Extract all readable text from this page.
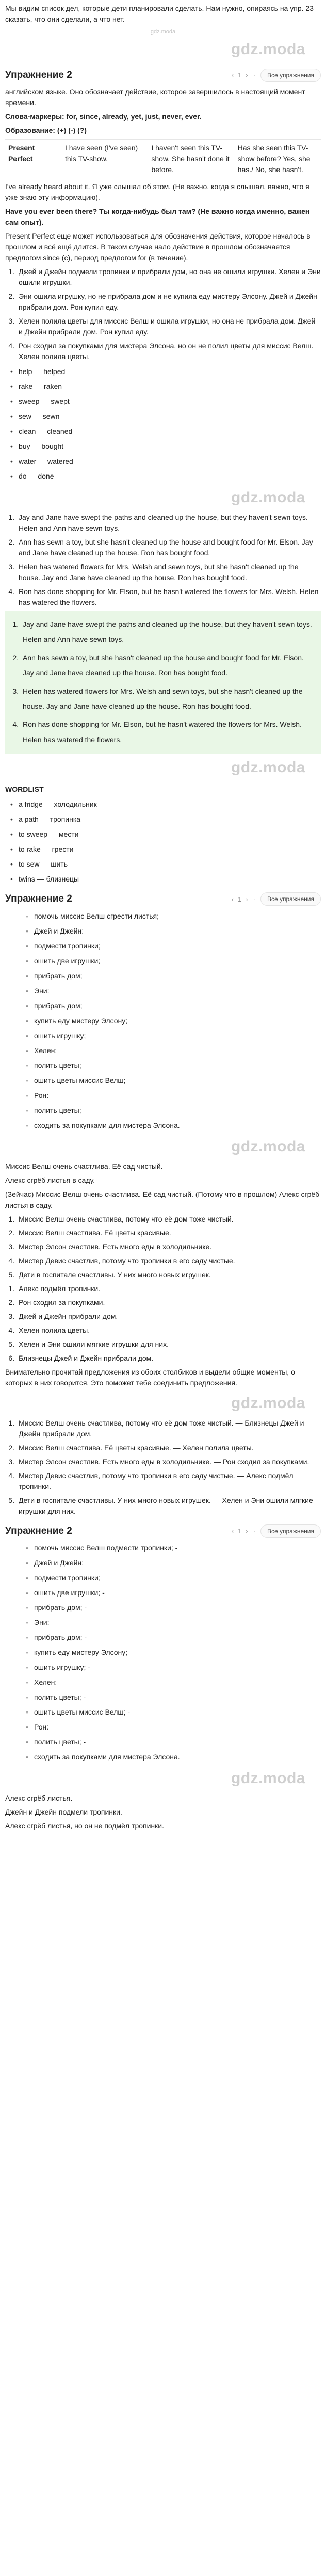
Мы видим список дел, которые дети планировали сделать. Нам нужно, опираясь на упр. 23 сказать, что они сделали, а что нет.

gdz.moda

gdz.moda

Упражнение 2	‹ 1 › ·	Все упражнения

английском языке. Оно обозначает действие, которое завершилось в настоящий момент времени.

Слова-маркеры: for, since, already, yet, just, never, ever.

Образование: (+) (-) (?)

Present Perfect	I have seen (I've seen) this TV-show.	I haven't seen this TV-show. She hasn't done it before.	Has she seen this TV-show before? Yes, she has./ No, she hasn't.

I've already heard about it. Я уже слышал об этом. (Не важно, когда я слышал, важно, что я уже знаю эту информацию).

Have you ever been there? Ты когда-нибудь был там? (Не важно когда именно, важен сам опыт).

Present Perfect еще может использоваться для обозначения действия, которое началось в прошлом и всё ещё длится. В таком случае нало действие в прошлом обозначается предлогом since (с), период предлогом for (в течение).

1. Джей и Джейн подмели тропинки и прибрали дом, но она не ошили игрушки. Хелен и Эни ошили игрушки.
2. Эни ошила игрушку, но не прибрала дом и не купила еду мистеру Элсону. Джей и Джейн прибрали дом. Рон купил еду.
3. Хелен полила цветы для миссис Велш и ошила игрушки, но она не прибрала дом. Джей и Джейн прибрали дом. Рон купил еду.
4. Рон сходил за покупками для мистера Элсона, но он не полил цветы для миссис Велш. Хелен полила цветы.
• help — helped
• rake — raken
• sweep — swept
• sew — sewn
• clean — cleaned
• buy — bought
• water — watered
• do — done

gdz.moda

1. Jay and Jane have swept the paths and cleaned up the house, but they haven't sewn toys. Helen and Ann have sewn toys.
2. Ann has sewn a toy, but she hasn't cleaned up the house and bought food for Mr. Elson. Jay and Jane have cleaned up the house. Ron has bought food.
3. Helen has watered flowers for Mrs. Welsh and sewn toys, but she hasn't cleaned up the house. Jay and Jane have cleaned up the house. Ron has bought food.
4. Ron has done shopping for Mr. Elson, but he hasn't watered the flowers for Mrs. Welsh. Helen has watered the flowers.
1. Jay and Jane have swept the paths and cleaned up the house, but they haven't sewn toys. Helen and Ann have sewn toys.
2. Ann has sewn a toy, but she hasn't cleaned up the house and bought food for Mr. Elson. Jay and Jane have cleaned up the house. Ron has bought food.
3. Helen has watered flowers for Mrs. Welsh and sewn toys, but she hasn't cleaned up the house. Jay and Jane have cleaned up the house. Ron has bought food.
4. Ron has done shopping for Mr. Elson, but he hasn't watered the flowers for Mrs. Welsh. Helen has watered the flowers.

gdz.moda

WORDLIST

• a fridge — холодильник
• a path — тропинка
• to sweep — мести
• to rake — грести
• to sew — шить
• twins — близнецы
Упражнение 2	‹ 1 › ·	Все упражнения
◦ помочь миссис Велш сгрести листья;
◦ Джей и Джейн:
◦ подмести тропинки;
◦ ошить две игрушки;
◦ прибрать дом;
◦ Эни:
◦ прибрать дом;
◦ купить еду мистеру Элсону;
◦ ошить игрушку;
◦ Хелен:
◦ полить цветы;
◦ ошить цветы миссис Велш;
◦ Рон:
◦ полить цветы;
◦ сходить за покупками для мистера Элсона.

gdz.moda

Миссис Велш очень счастлива. Её сад чистый.

Алекс сгрёб листья в саду.

(Зейчас) Миссис Велш очень счастлива. Её сад чистый. (Потому что в прошлом) Алекс сгрёб листья в саду.

1. Миссис Велш очень счастлива, потому что её дом тоже чистый.
2. Миссис Велш счастлива. Её цветы красивые.
3. Мистер Элсон счастлив. Есть много еды в холодильнике.
4. Мистер Девис счастлив, потому что тропинки в его саду чистые.
5. Дети в госпитале счастливы. У них много новых игрушек.
1. Алекс подмёл тропинки.
2. Рон сходил за покупками.
3. Джей и Джейн прибрали дом.
4. Хелен полила цветы.
5. Хелен и Эни ошили мягкие игрушки для них.
6. Близнецы Джей и Джейн прибрали дом.

Внимательно прочитай предложения из обоих столбиков и выдели общие моменты, о которых в них говорится. Это поможет тебе соединить предложения.

gdz.moda

1. Миссис Велш очень счастлива, потому что её дом тоже чистый. — Близнецы Джей и Джейн прибрали дом.
2. Миссис Велш счастлива. Её цветы красивые. — Хелен полила цветы.
3. Мистер Элсон счастлив. Есть много еды в холодильнике. — Рон сходил за покупками.
4. Мистер Девис счастлив, потому что тропинки в его саду чистые. — Алекс подмёл тропинки.
5. Дети в госпитале счастливы. У них много новых игрушек. — Хелен и Эни ошили мягкие игрушки для них.
Упражнение 2	‹ 1 › ·	Все упражнения
◦ помочь миссис Велш подмести тропинки; -
◦ Джей и Джейн:
◦ подмести тропинки;
◦ ошить две игрушки; -
◦ прибрать дом; -
◦ Эни:
◦ прибрать дом; -
◦ купить еду мистеру Элсону;
◦ ошить игрушку; -
◦ Хелен:
◦ полить цветы; -
◦ ошить цветы миссис Велш; -
◦ Рон:
◦ полить цветы; -
◦ сходить за покупками для мистера Элсона.

gdz.moda

Алекс сгрёб листья.

Джейн и Джейн подмели тропинки.

Алекс сгрёб листья, но он не подмёл тропинки.
